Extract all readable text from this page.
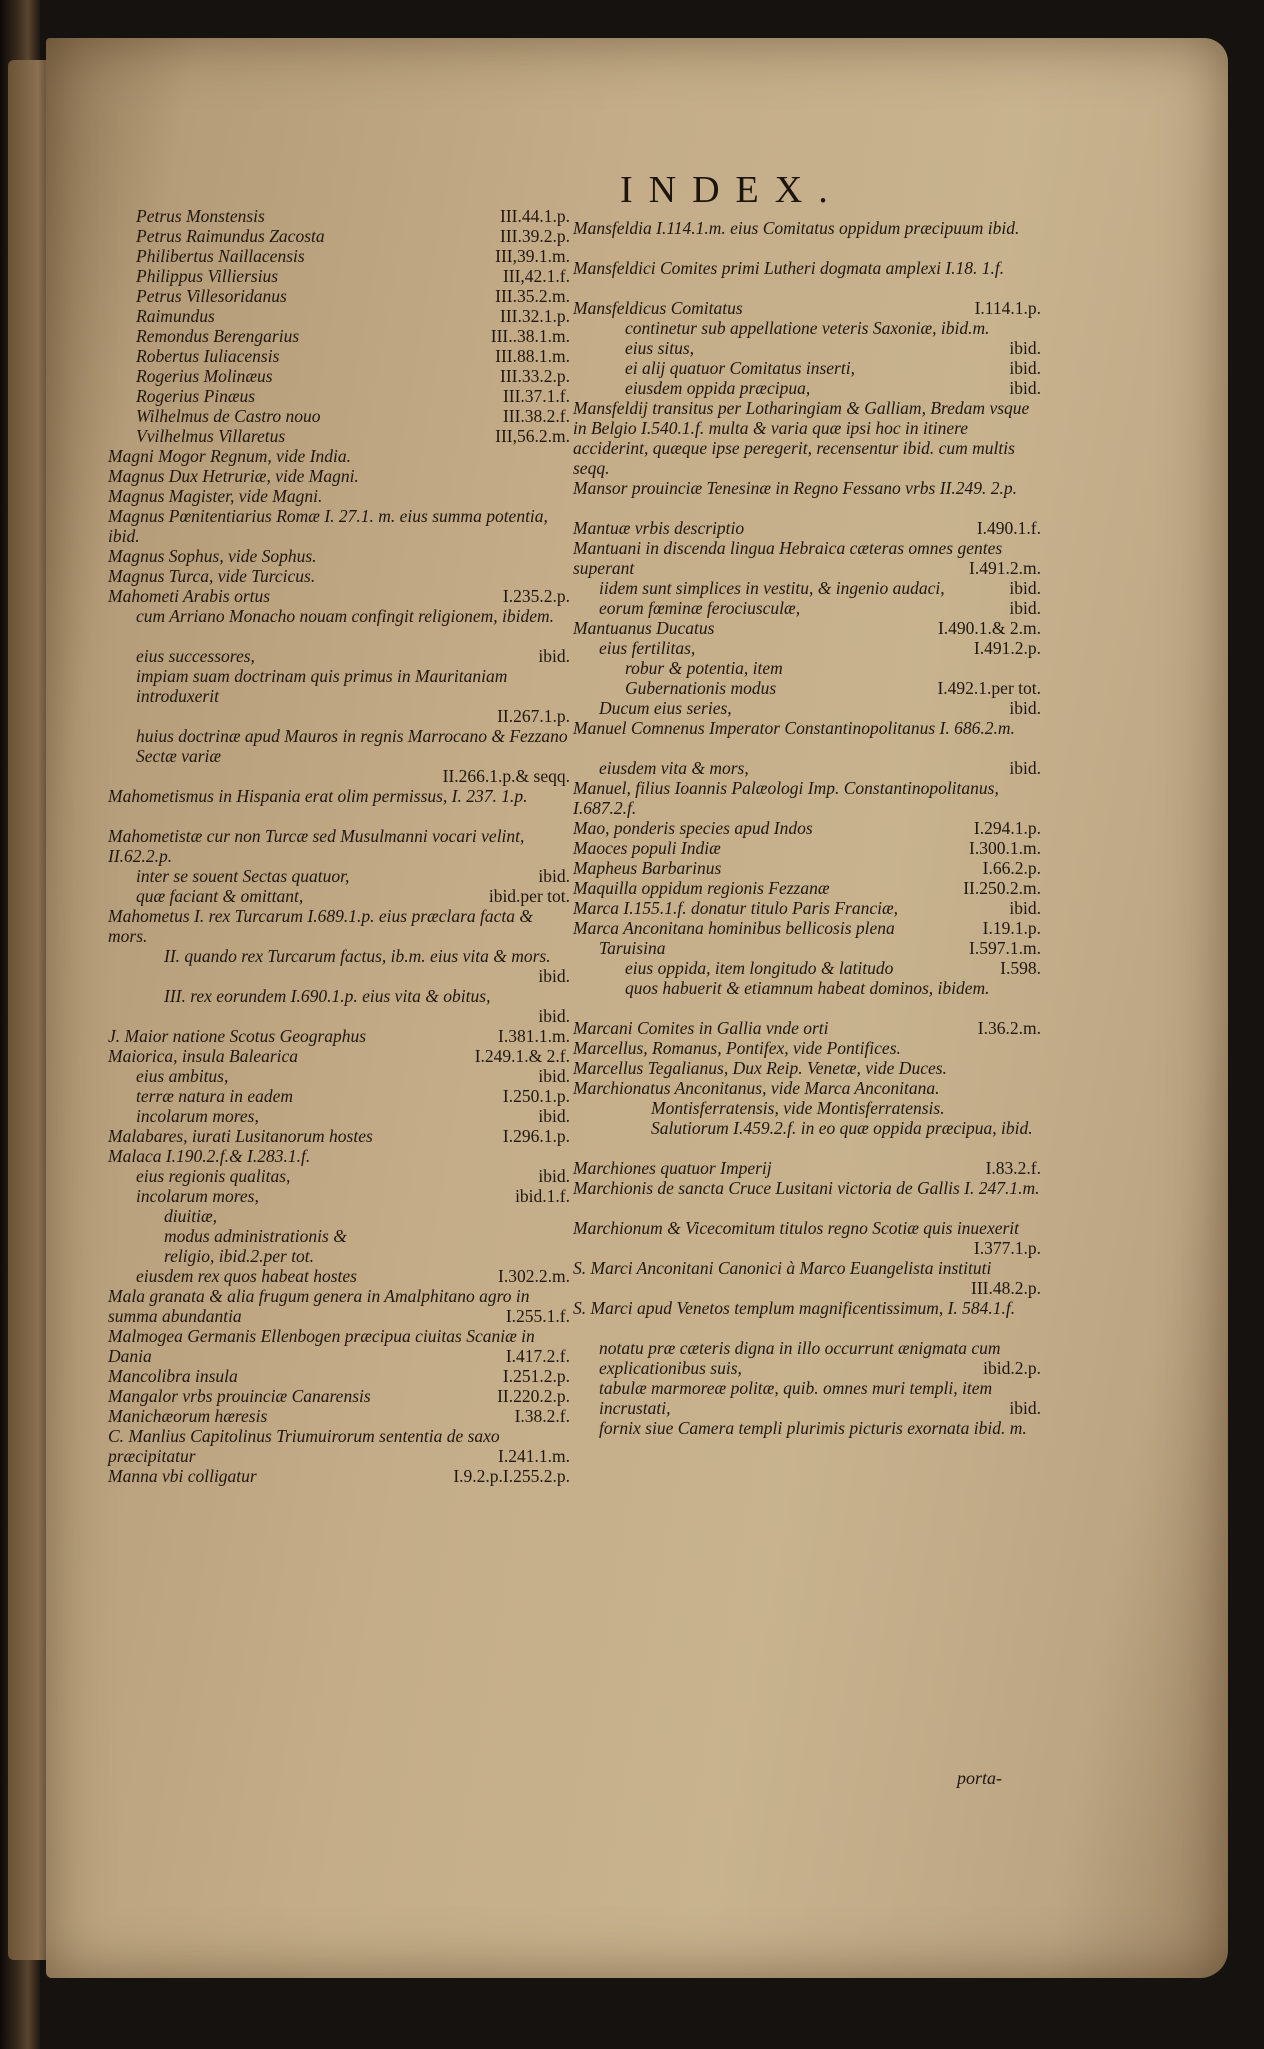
INDEX.
Petrus Monstensis	III.44.1.p.
Petrus Raimundus Zacosta	III.39.2.p.
Philibertus Naillacensis	III,39.1.m.
Philippus Villiersius	III,42.1.f.
Petrus Villesoridanus	III.35.2.m.
Raimundus	III.32.1.p.
Remondus Berengarius	III..38.1.m.
Robertus Iuliacensis	III.88.1.m.
Rogerius Molinæus	III.33.2.p.
Rogerius Pinæus	III.37.1.f.
Wilhelmus de Castro nouo	III.38.2.f.
Vvilhelmus Villaretus	III,56.2.m.
Magni Mogor Regnum, vide India.
Magnus Dux Hetruriæ, vide Magni.
Magnus Magister, vide Magni.
Magnus Pœnitentiarius Romæ I. 27.1. m. eius summa potentia, ibid.
Magnus Sophus, vide Sophus.
Magnus Turca, vide Turcicus.
Mahometi Arabis ortus	I.235.2.p.
cum Arriano Monacho nouam confingit religionem, ibidem.
eius successores,	ibid.
impiam suam doctrinam quis primus in Mauritaniam introduxerit
II.267.1.p.
huius doctrinæ apud Mauros in regnis Marrocano & Fezzano Sectæ variæ
II.266.1.p.& seqq.
Mahometismus in Hispania erat olim permissus, I. 237. 1.p.
Mahometistæ cur non Turcæ sed Musulmanni vocari velint, II.62.2.p.
inter se souent Sectas quatuor,	ibid.
quæ faciant & omittant,	ibid.per tot.
Mahometus I. rex Turcarum I.689.1.p. eius præclara facta & mors.
II. quando rex Turcarum factus, ib.m. eius vita & mors.
ibid.
III. rex eorundem I.690.1.p. eius vita & obitus,
ibid.
J. Maior natione Scotus Geographus	I.381.1.m.
Maiorica, insula Balearica	I.249.1.& 2.f.
eius ambitus,	ibid.
terræ natura in eadem	I.250.1.p.
incolarum mores,	ibid.
Malabares, iurati Lusitanorum hostes	I.296.1.p.
Malaca I.190.2.f.& I.283.1.f.
eius regionis qualitas,	ibid.
incolarum mores,	ibid.1.f.
diuitiæ,
modus administrationis &
religio, ibid.2.per tot.
eiusdem rex quos habeat hostes	I.302.2.m.
Mala granata & alia frugum genera in Amalphitano agro in summa abundantia	I.255.1.f.
Malmogea Germanis Ellenbogen præcipua ciuitas Scaniæ in Dania	I.417.2.f.
Mancolibra insula	I.251.2.p.
Mangalor vrbs prouinciæ Canarensis	II.220.2.p.
Manichæorum hæresis	I.38.2.f.
C. Manlius Capitolinus Triumuirorum sententia de saxo præcipitatur	I.241.1.m.
Manna vbi colligatur	I.9.2.p.I.255.2.p.
Mansfeldia I.114.1.m. eius Comitatus oppidum præcipuum ibid.
Mansfeldici Comites primi Lutheri dogmata amplexi I.18. 1.f.
Mansfeldicus Comitatus	I.114.1.p.
continetur sub appellatione veteris Saxoniæ, ibid.m.
eius situs,	ibid.
ei alij quatuor Comitatus inserti,	ibid.
eiusdem oppida præcipua,	ibid.
Mansfeldij transitus per Lotharingiam & Galliam, Bredam vsque in Belgio I.540.1.f. multa & varia quæ ipsi hoc in itinere acciderint, quæque ipse peregerit, recensentur ibid. cum multis seqq.
Mansor prouinciæ Tenesinæ in Regno Fessano vrbs II.249. 2.p.
Mantuæ vrbis descriptio	I.490.1.f.
Mantuani in discenda lingua Hebraica cæteras omnes gentes superant	I.491.2.m.
iidem sunt simplices in vestitu, & ingenio audaci,	ibid.
eorum fœminæ ferociusculæ,	ibid.
Mantuanus Ducatus	I.490.1.& 2.m.
eius fertilitas,	I.491.2.p.
robur & potentia, item
Gubernationis modus	I.492.1.per tot.
Ducum eius series,	ibid.
Manuel Comnenus Imperator Constantinopolitanus I. 686.2.m.
eiusdem vita & mors,	ibid.
Manuel, filius Ioannis Palæologi Imp. Constantinopolitanus, I.687.2.f.
Mao, ponderis species apud Indos	I.294.1.p.
Maoces populi Indiæ	I.300.1.m.
Mapheus Barbarinus	I.66.2.p.
Maquilla oppidum regionis Fezzanæ	II.250.2.m.
Marca I.155.1.f. donatur titulo Paris Franciæ,	ibid.
Marca Anconitana hominibus bellicosis plena	I.19.1.p.
Taruisina	I.597.1.m.
eius oppida, item longitudo & latitudo	I.598.
quos habuerit & etiamnum habeat dominos, ibidem.
Marcani Comites in Gallia vnde orti	I.36.2.m.
Marcellus, Romanus, Pontifex, vide Pontifices.
Marcellus Tegalianus, Dux Reip. Venetæ, vide Duces.
Marchionatus Anconitanus, vide Marca Anconitana.
Montisferratensis, vide Montisferratensis.
Salutiorum I.459.2.f. in eo quæ oppida præcipua, ibid.
Marchiones quatuor Imperij	I.83.2.f.
Marchionis de sancta Cruce Lusitani victoria de Gallis I. 247.1.m.
Marchionum & Vicecomitum titulos regno Scotiæ quis inuexerit
I.377.1.p.
S. Marci Anconitani Canonici à Marco Euangelista instituti
III.48.2.p.
S. Marci apud Venetos templum magnificentissimum, I. 584.1.f.
notatu præ cæteris digna in illo occurrunt ænigmata cum explicationibus suis,	ibid.2.p.
tabulæ marmoreæ politæ, quib. omnes muri templi, item incrustati,	ibid.
fornix siue Camera templi plurimis picturis exornata ibid. m.
porta-
